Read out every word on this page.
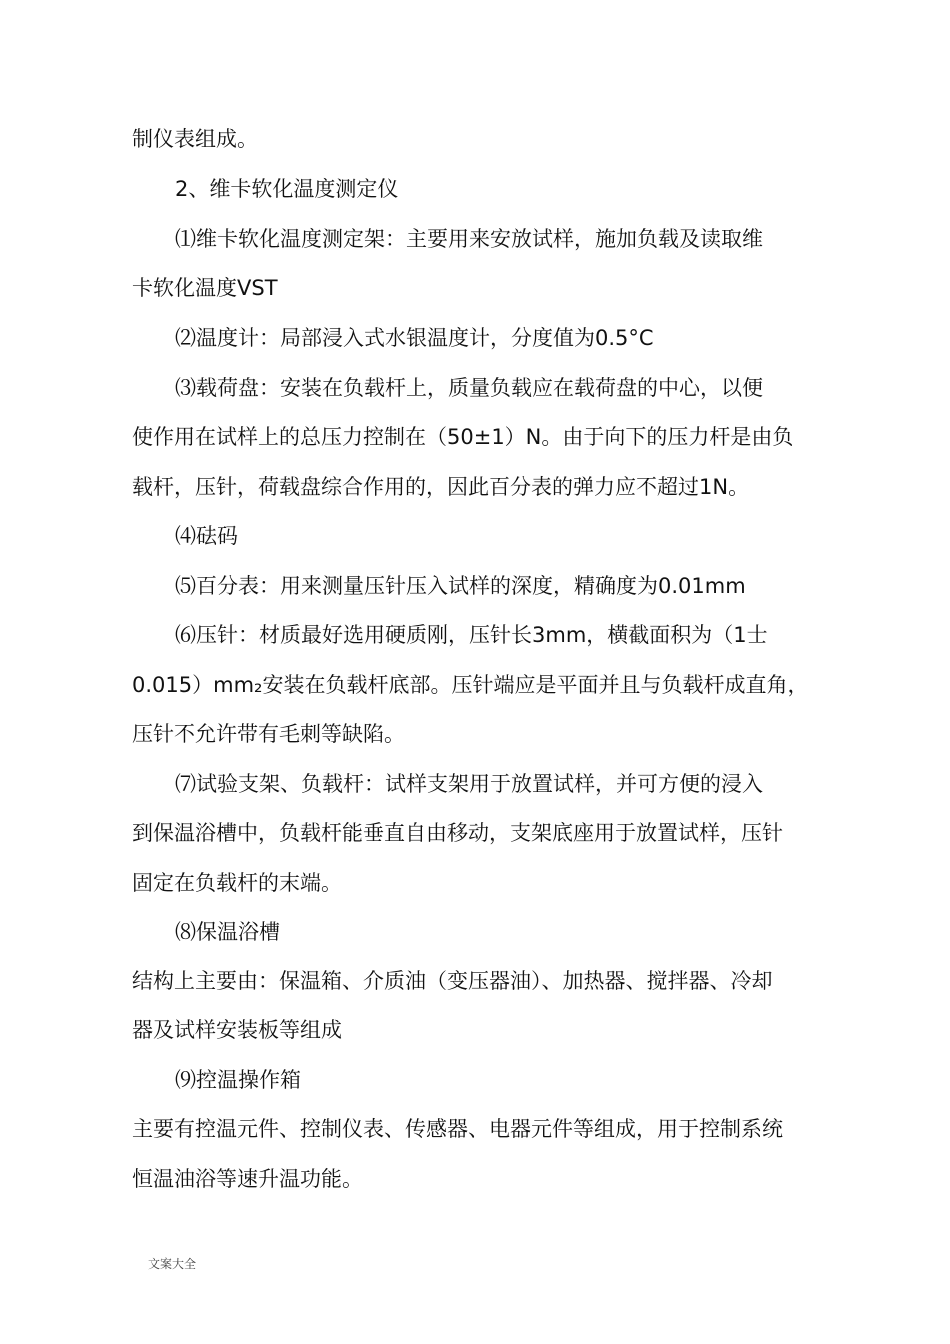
制仪表组成。
2、维卡软化温度测定仪
⑴维卡软化温度测定架：主要用来安放试样，施加负载及读取维
卡软化温度VST
⑵温度计：局部浸入式水银温度计，分度值为0.5°C
⑶载荷盘：安装在负载杆上，质量负载应在载荷盘的中心，以便
使作用在试样上的总压力控制在（50±1）N。由于向下的压力杆是由负
载杆，压针，荷载盘综合作用的，因此百分表的弹力应不超过1N。
⑷砝码
⑸百分表：用来测量压针压入试样的深度，精确度为0.01mm
⑹压针：材质最好选用硬质刚，压针长3mm，横截面积为（1士
0.015）mm₂安装在负载杆底部。压针端应是平面并且与负载杆成直角，
压针不允许带有毛刺等缺陷。
⑺试验支架、负载杆：试样支架用于放置试样，并可方便的浸入
到保温浴槽中，负载杆能垂直自由移动，支架底座用于放置试样，压针
固定在负载杆的末端。
⑻保温浴槽
结构上主要由：保温箱、介质油（变压器油）、加热器、搅拌器、冷却
器及试样安装板等组成
⑼控温操作箱
主要有控温元件、控制仪表、传感器、电器元件等组成，用于控制系统
恒温油浴等速升温功能。
文案大全
